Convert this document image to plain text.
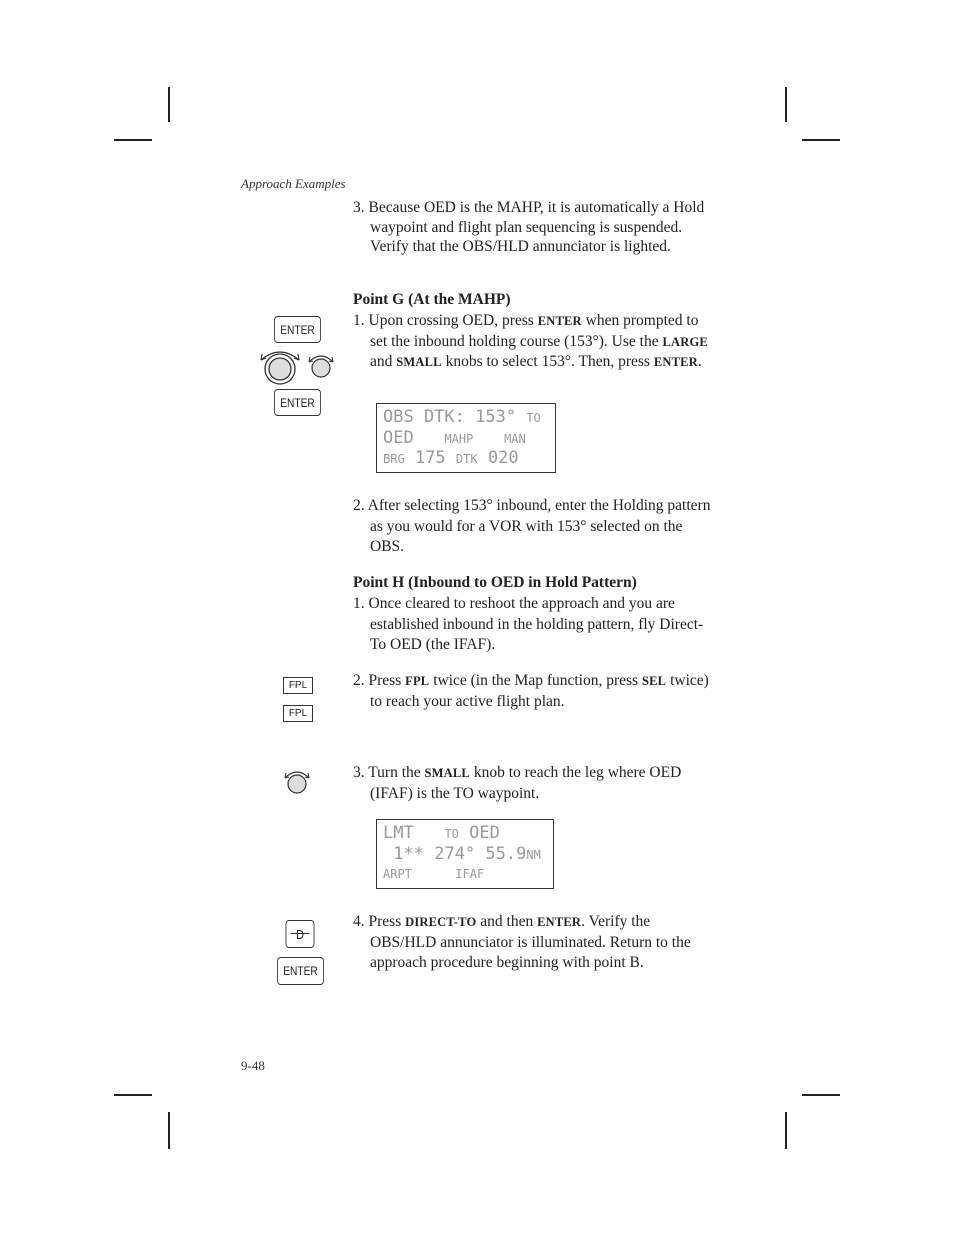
Approach Examples
3. Because OED is the MAHP, it is automatically a Hold waypoint and flight plan sequencing is suspended. Verify that the OBS/HLD annunciator is lighted.
Point G (At the MAHP)
1. Upon crossing OED, press ENTER when prompted to set the inbound holding course (153°). Use the LARGE and SMALL knobs to select 153°. Then, press ENTER.
ENTER
ENTER
OBS DTK: 153° TO
OED	MAHP	MAN
BRG 175 DTK 020
2. After selecting 153° inbound, enter the Holding pattern as you would for a VOR with 153° selected on the OBS.
Point H (Inbound to OED in Hold Pattern)
1. Once cleared to reshoot the approach and you are established inbound in the holding pattern, fly Direct-To OED (the IFAF).
FPL
FPL
2. Press FPL twice (in the Map function, press SEL twice) to reach your active flight plan.
3. Turn the SMALL knob to reach the leg where OED (IFAF) is the TO waypoint.
LMT	TO OED
1** 274° 55.9NM
ARPT	IFAF
D
ENTER
4. Press DIRECT-TO and then ENTER. Verify the OBS/HLD annunciator is illuminated. Return to the approach procedure beginning with point B.
9-48
